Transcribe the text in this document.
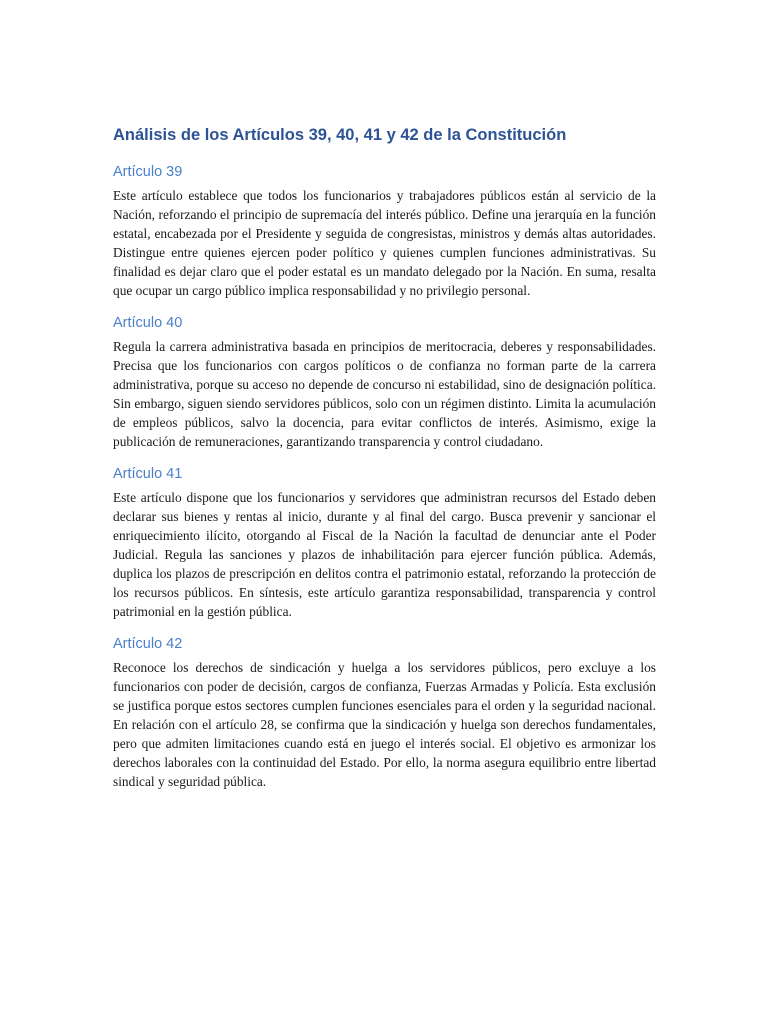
Análisis de los Artículos 39, 40, 41 y 42 de la Constitución
Artículo 39

Este artículo establece que todos los funcionarios y trabajadores públicos están al servicio de la Nación, reforzando el principio de supremacía del interés público. Define una jerarquía en la función estatal, encabezada por el Presidente y seguida de congresistas, ministros y demás altas autoridades. Distingue entre quienes ejercen poder político y quienes cumplen funciones administrativas. Su finalidad es dejar claro que el poder estatal es un mandato delegado por la Nación. En suma, resalta que ocupar un cargo público implica responsabilidad y no privilegio personal.

Artículo 40

Regula la carrera administrativa basada en principios de meritocracia, deberes y responsabilidades. Precisa que los funcionarios con cargos políticos o de confianza no forman parte de la carrera administrativa, porque su acceso no depende de concurso ni estabilidad, sino de designación política. Sin embargo, siguen siendo servidores públicos, solo con un régimen distinto. Limita la acumulación de empleos públicos, salvo la docencia, para evitar conflictos de interés. Asimismo, exige la publicación de remuneraciones, garantizando transparencia y control ciudadano.

Artículo 41

Este artículo dispone que los funcionarios y servidores que administran recursos del Estado deben declarar sus bienes y rentas al inicio, durante y al final del cargo. Busca prevenir y sancionar el enriquecimiento ilícito, otorgando al Fiscal de la Nación la facultad de denunciar ante el Poder Judicial. Regula las sanciones y plazos de inhabilitación para ejercer función pública. Además, duplica los plazos de prescripción en delitos contra el patrimonio estatal, reforzando la protección de los recursos públicos. En síntesis, este artículo garantiza responsabilidad, transparencia y control patrimonial en la gestión pública.

Artículo 42

Reconoce los derechos de sindicación y huelga a los servidores públicos, pero excluye a los funcionarios con poder de decisión, cargos de confianza, Fuerzas Armadas y Policía. Esta exclusión se justifica porque estos sectores cumplen funciones esenciales para el orden y la seguridad nacional. En relación con el artículo 28, se confirma que la sindicación y huelga son derechos fundamentales, pero que admiten limitaciones cuando está en juego el interés social. El objetivo es armonizar los derechos laborales con la continuidad del Estado. Por ello, la norma asegura equilibrio entre libertad sindical y seguridad pública.
